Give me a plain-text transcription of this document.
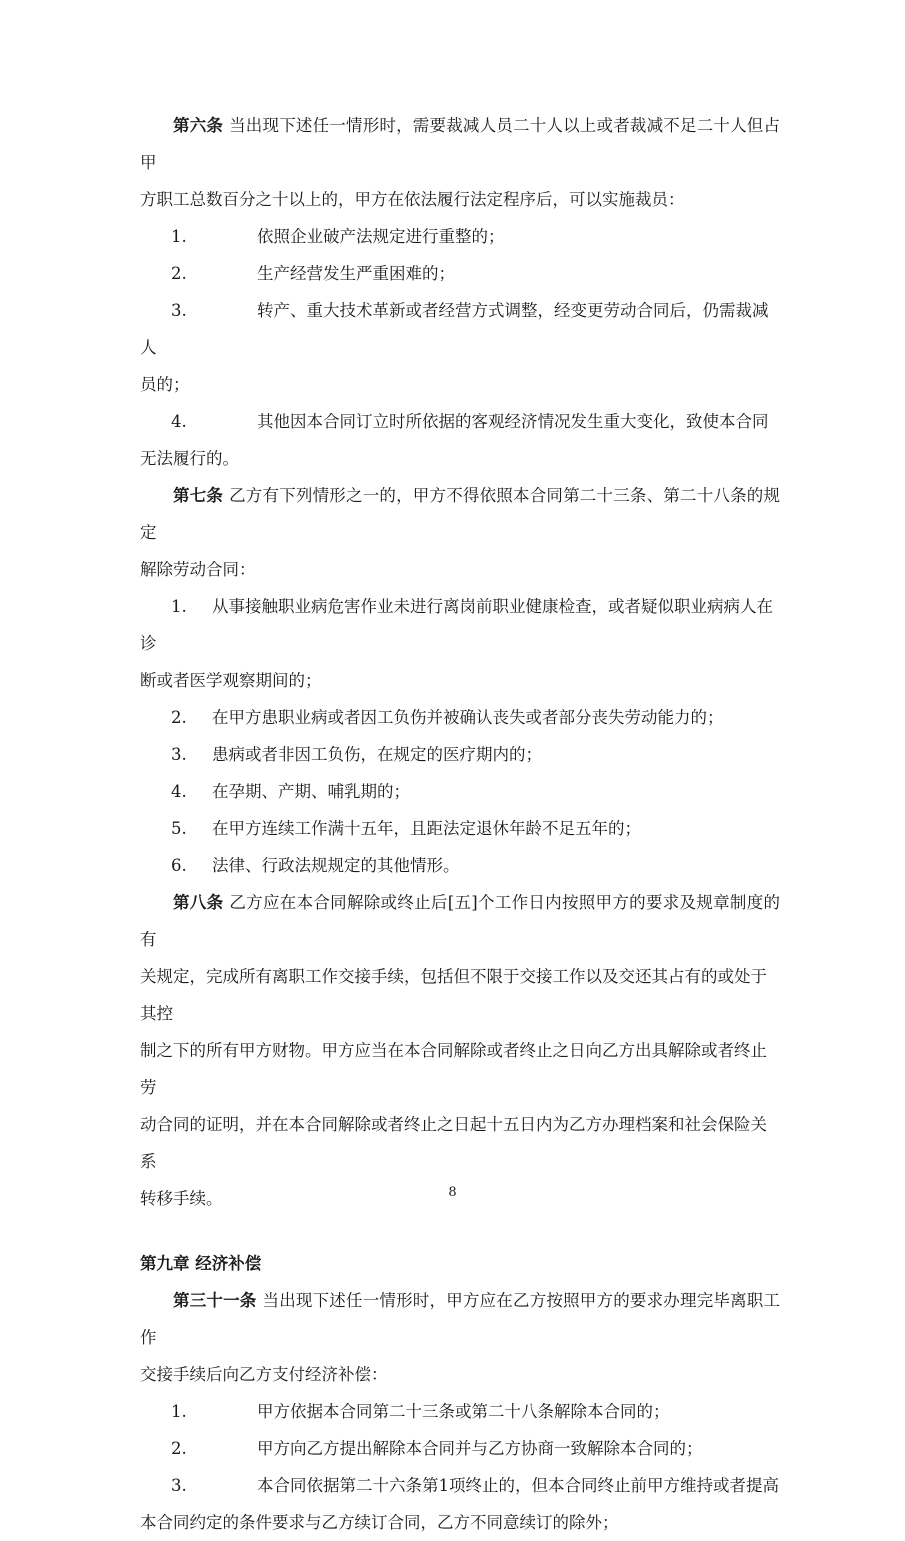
第六条 当出现下述任一情形时，需要裁减人员二十人以上或者裁减不足二十人但占甲

方职工总数百分之十以上的，甲方在依法履行法定程序后，可以实施裁员：

1.	依照企业破产法规定进行重整的；

2.	生产经营发生严重困难的；

3.	转产、重大技术革新或者经营方式调整，经变更劳动合同后，仍需裁减人

员的；

4.	其他因本合同订立时所依据的客观经济情况发生重大变化，致使本合同

无法履行的。

第七条 乙方有下列情形之一的，甲方不得依照本合同第二十三条、第二十八条的规定

解除劳动合同：

1. 从事接触职业病危害作业未进行离岗前职业健康检查，或者疑似职业病病人在诊

断或者医学观察期间的；

2. 在甲方患职业病或者因工负伤并被确认丧失或者部分丧失劳动能力的；

3. 患病或者非因工负伤，在规定的医疗期内的；

4. 在孕期、产期、哺乳期的；

5. 在甲方连续工作满十五年，且距法定退休年龄不足五年的；

6. 法律、行政法规规定的其他情形。

第八条 乙方应在本合同解除或终止后[五]个工作日内按照甲方的要求及规章制度的有

关规定，完成所有离职工作交接手续，包括但不限于交接工作以及交还其占有的或处于其控

制之下的所有甲方财物。甲方应当在本合同解除或者终止之日向乙方出具解除或者终止劳

动合同的证明，并在本合同解除或者终止之日起十五日内为乙方办理档案和社会保险关系

转移手续。

第九章 经济补偿

第三十一条 当出现下述任一情形时，甲方应在乙方按照甲方的要求办理完毕离职工作

交接手续后向乙方支付经济补偿：

1.	甲方依据本合同第二十三条或第二十八条解除本合同的；

2.	甲方向乙方提出解除本合同并与乙方协商一致解除本合同的；

3.	本合同依据第二十六条第1项终止的，但本合同终止前甲方维持或者提高

本合同约定的条件要求与乙方续订合同，乙方不同意续订的除外；

8
